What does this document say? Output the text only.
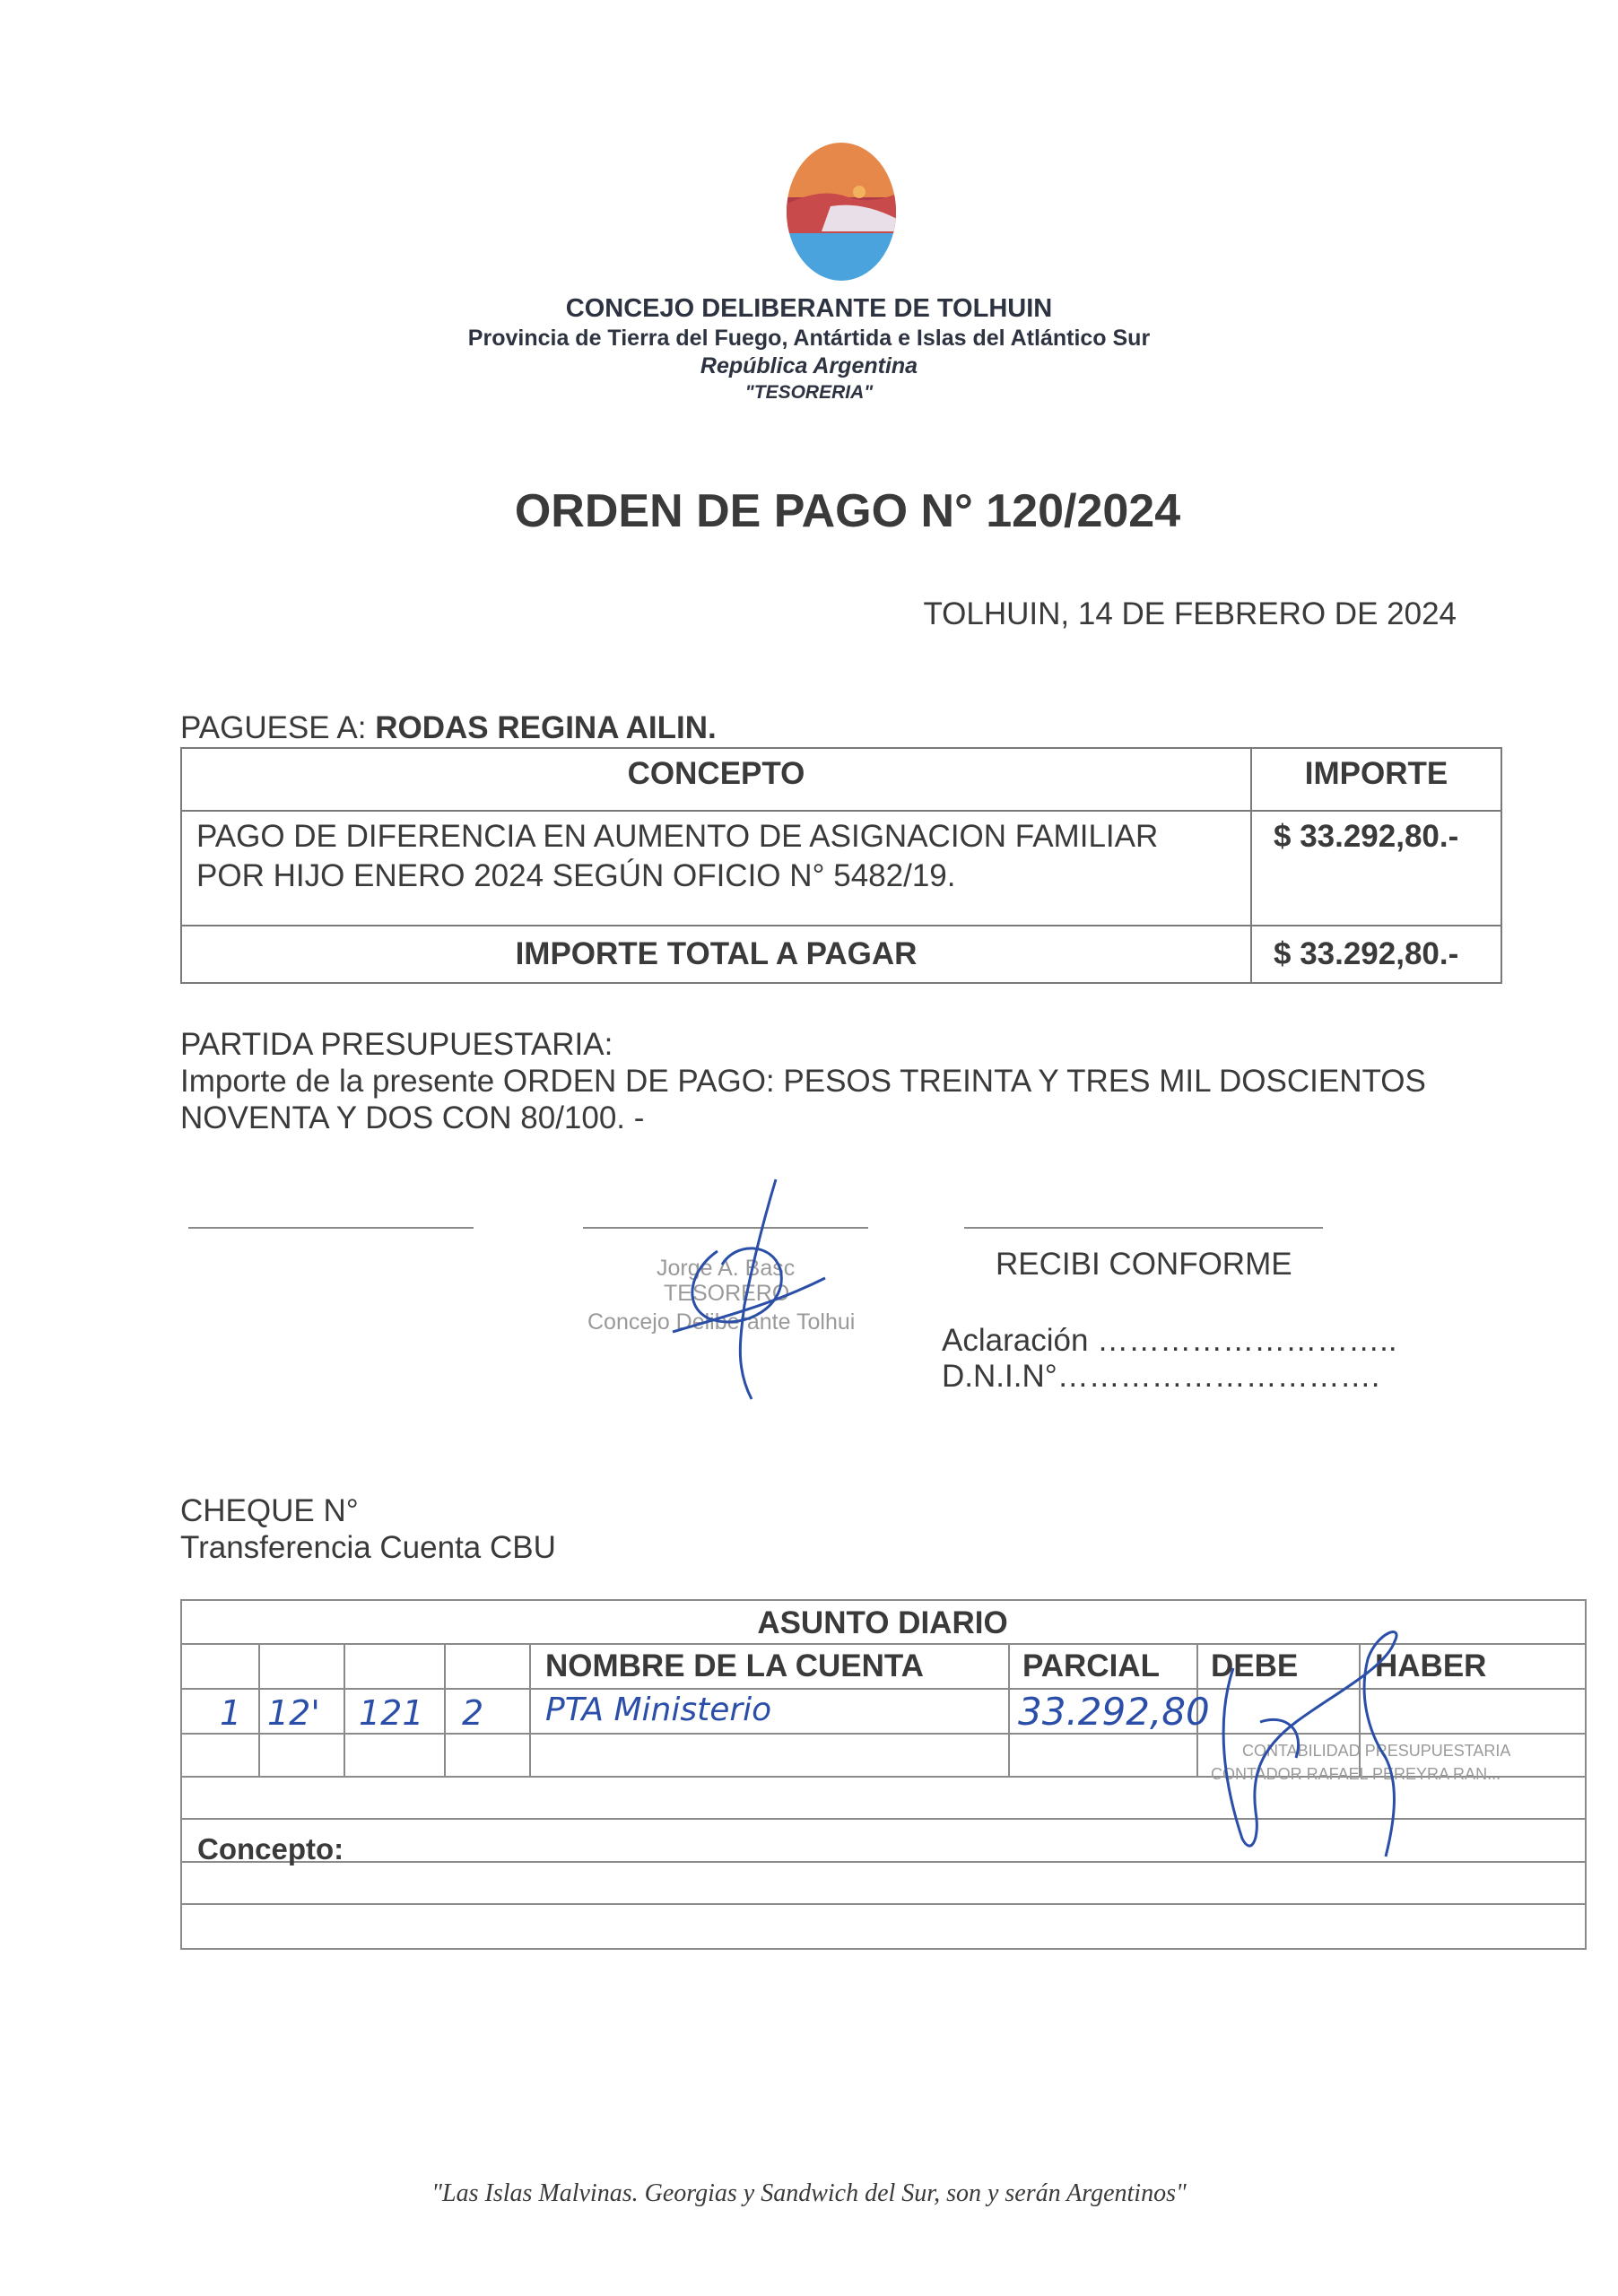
CONCEJO DELIBERANTE DE TOLHUIN
Provincia de Tierra del Fuego, Antártida e Islas del Atlántico Sur
República Argentina
"TESORERIA"
ORDEN DE PAGO N° 120/2024
TOLHUIN, 14 DE FEBRERO DE 2024
PAGUESE A: RODAS REGINA AILIN.
CONCEPTO	IMPORTE

PAGO DE DIFERENCIA EN AUMENTO DE ASIGNACION FAMILIAR
POR HIJO ENERO 2024 SEGÚN OFICIO N° 5482/19.	$ 33.292,80.-
IMPORTE TOTAL A PAGAR	$ 33.292,80.-
PARTIDA PRESUPUESTARIA:
Importe de la presente ORDEN DE PAGO: PESOS TREINTA Y TRES MIL DOSCIENTOS
NOVENTA Y DOS CON 80/100. -
Jorge A. Basc
TESORERO
Concejo Deliberante Tolhui
RECIBI CONFORME
Aclaración ………………………..
D.N.I.N°………………………….
CHEQUE N°
Transferencia Cuenta CBU
ASUNTO DIARIO
NOMBRE DE LA CUENTA	PARCIAL DEBE HABER
1 12' 121 2 PTA Ministerio	33.292,80
CONTABILIDAD PRESUPUESTARIA
CONTADOR RAFAEL PEREYRA RAN...
Concepto:
"Las Islas Malvinas. Georgias y Sandwich del Sur, son y serán Argentinos"
